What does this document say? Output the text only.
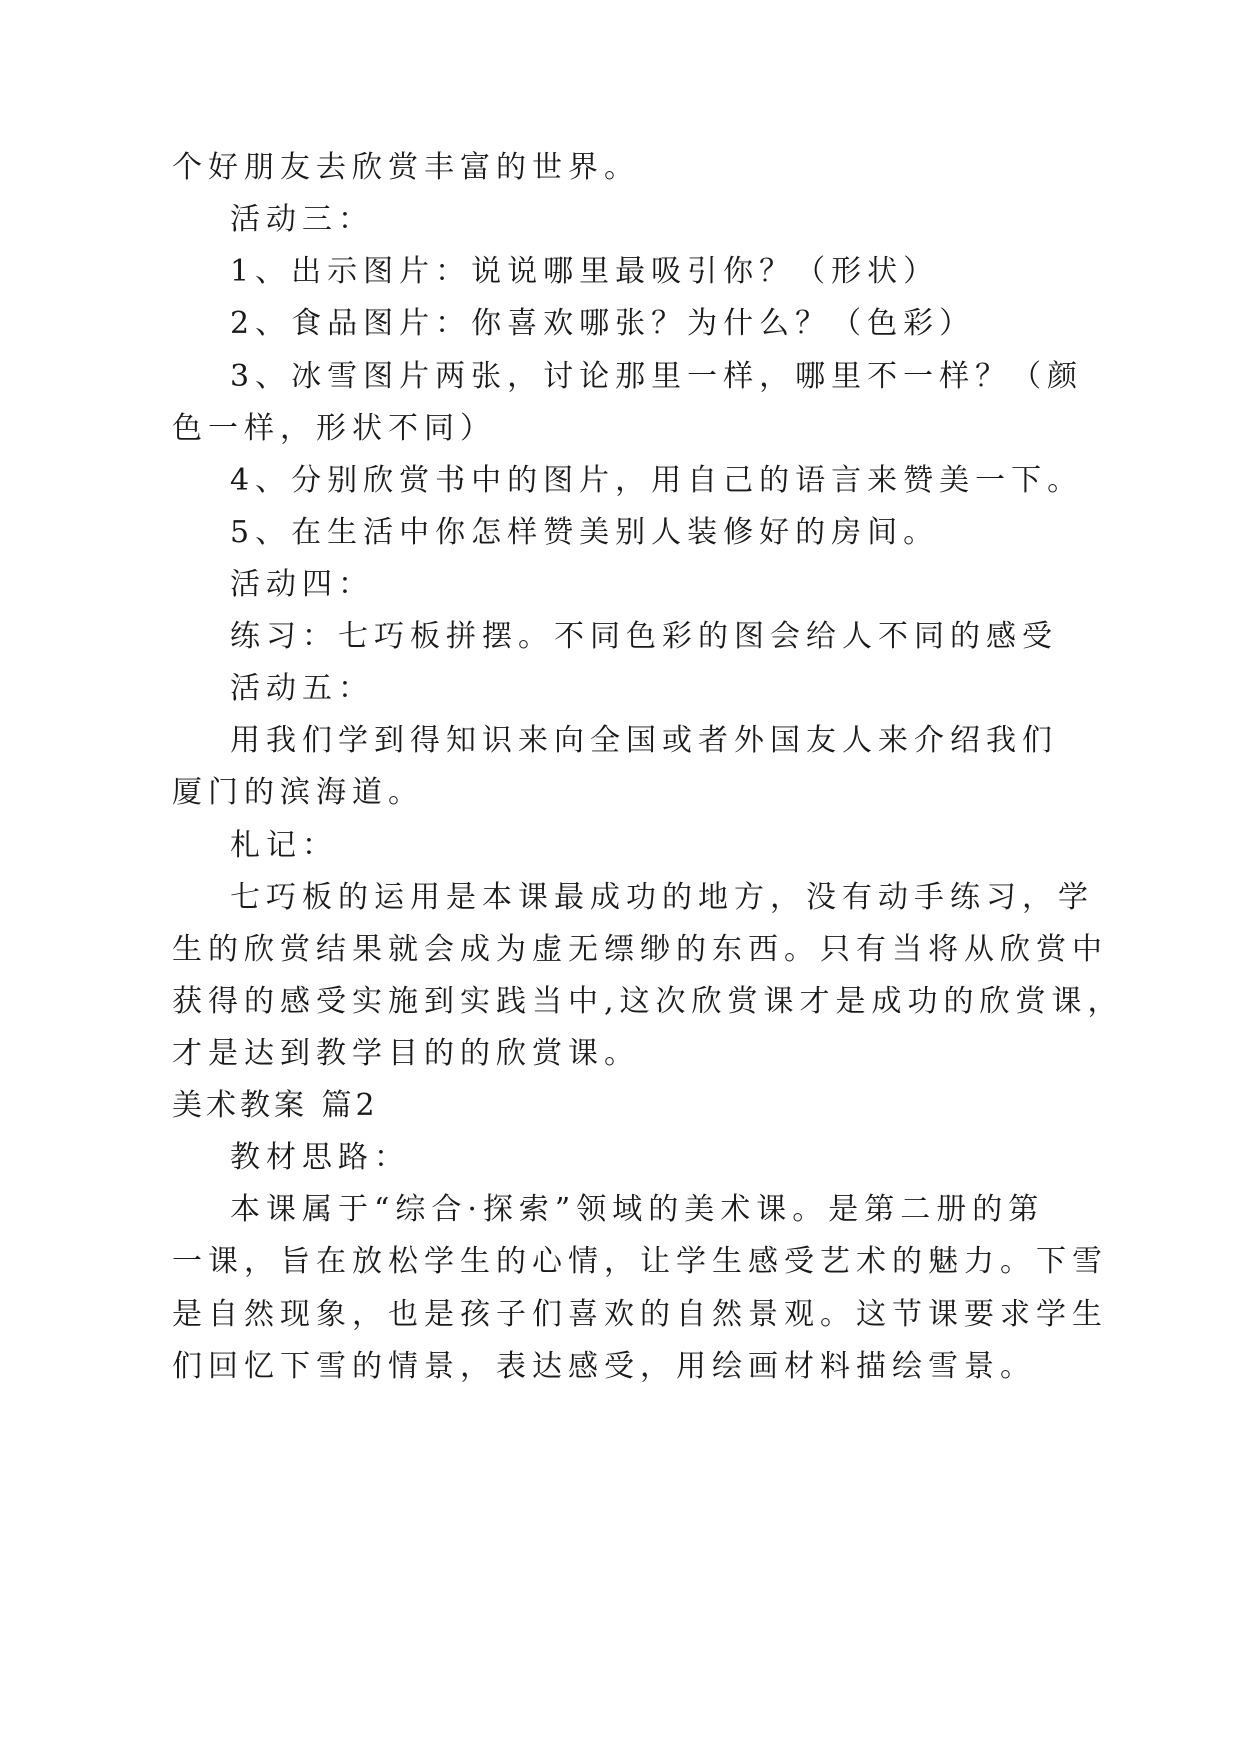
个好朋友去欣赏丰富的世界。
活动三：
1、出示图片：说说哪里最吸引你？（形状）
2、食品图片：你喜欢哪张？为什么？（色彩）
3、冰雪图片两张，讨论那里一样，哪里不一样？（颜
色一样，形状不同）
4、分别欣赏书中的图片，用自己的语言来赞美一下。
5、在生活中你怎样赞美别人装修好的房间。
活动四：
练习：七巧板拼摆。不同色彩的图会给人不同的感受
活动五：
用我们学到得知识来向全国或者外国友人来介绍我们
厦门的滨海道。
札记：
七巧板的运用是本课最成功的地方，没有动手练习，学
生的欣赏结果就会成为虚无缥缈的东西。只有当将从欣赏中
获得的感受实施到实践当中,这次欣赏课才是成功的欣赏课，
才是达到教学目的的欣赏课。
美术教案 篇2
教材思路：
本课属于“综合·探索”领域的美术课。是第二册的第
一课，旨在放松学生的心情，让学生感受艺术的魅力。下雪
是自然现象，也是孩子们喜欢的自然景观。这节课要求学生
们回忆下雪的情景，表达感受，用绘画材料描绘雪景。
